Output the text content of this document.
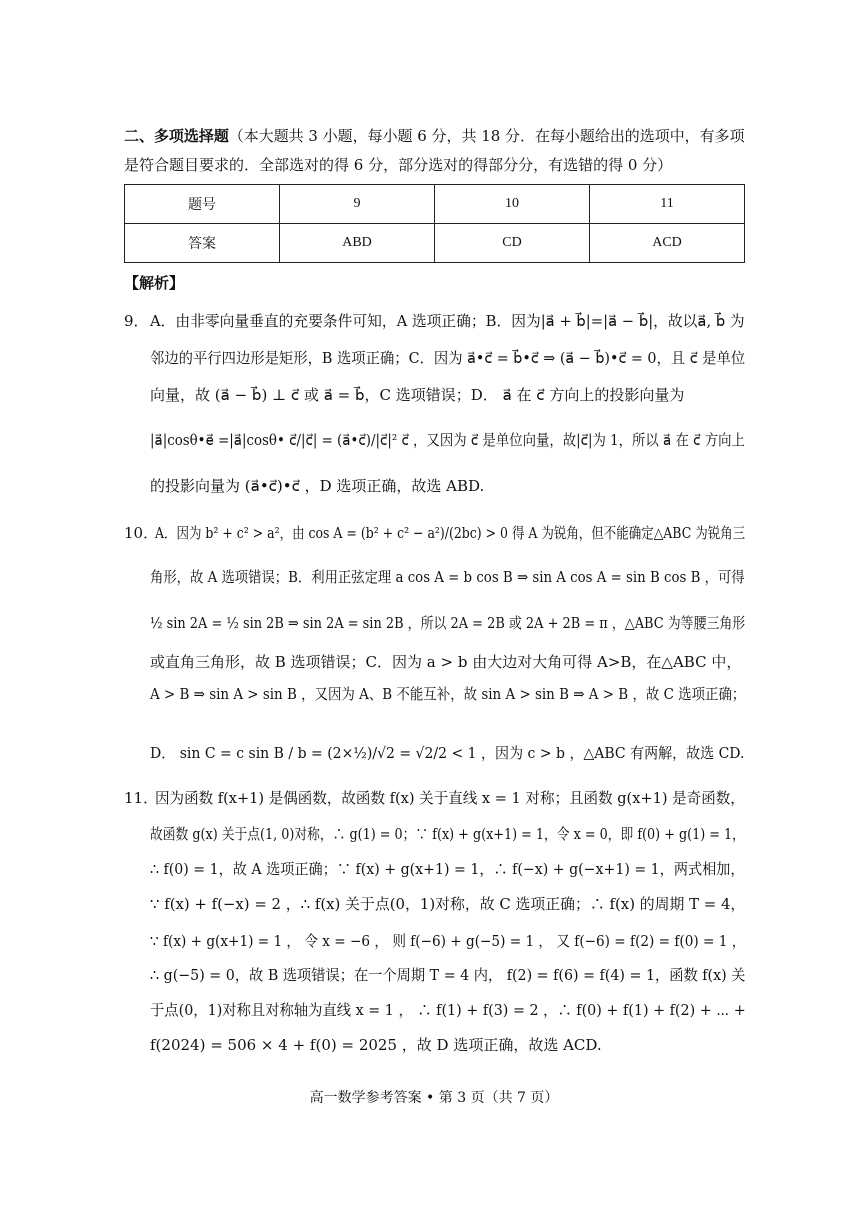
二、多项选择题（本大题共 3 小题，每小题 6 分，共 18 分．在每小题给出的选项中，有多项
是符合题目要求的．全部选对的得 6 分，部分选对的得部分分，有选错的得 0 分）
题号	9	10	11
答案	ABD	CD	ACD
【解析】
9． A．由非零向量垂直的充要条件可知，A 选项正确；B．因为|a⃗ + b⃗|=|a⃗ − b⃗|，故以a⃗, b⃗ 为
邻边的平行四边形是矩形，B 选项正确；C．因为 a⃗•c⃗ = b⃗•c⃗ ⇒ (a⃗ − b⃗)•c⃗ = 0，且 c⃗ 是单位
向量，故 (a⃗ − b⃗) ⊥ c⃗ 或 a⃗ = b⃗，C 选项错误；D． a⃗ 在 c⃗ 方向上的投影向量为
|a⃗|cosθ•e⃗ =|a⃗|cosθ• c⃗/|c⃗| = (a⃗•c⃗)/|c⃗|² c⃗ ，又因为 c⃗ 是单位向量，故|c⃗|为 1，所以 a⃗ 在 c⃗ 方向上
的投影向量为 (a⃗•c⃗)•c⃗ ，D 选项正确，故选 ABD.
10．
A．因为 b² + c² > a²，由 cos A = (b² + c² − a²)/(2bc) > 0 得 A 为锐角，但不能确定△ABC 为锐角三
角形，故 A 选项错误；B．利用正弦定理 a cos A = b cos B ⇒ sin A cos A = sin B cos B ，可得
½ sin 2A = ½ sin 2B ⇒ sin 2A = sin 2B ，所以 2A = 2B 或 2A + 2B = π ，△ABC 为等腰三角形
或直角三角形，故 B 选项错误；C．因为 a > b 由大边对大角可得 A>B，在△ABC 中，
A > B ⇒ sin A > sin B ，又因为 A、B 不能互补，故 sin A > sin B ⇒ A > B ，故 C 选项正确；
D． sin C = c sin B / b = (2×½)/√2 = √2/2 < 1 ，因为 c > b ，△ABC 有两解，故选 CD.
11．
因为函数 f(x+1) 是偶函数，故函数 f(x) 关于直线 x = 1 对称；且函数 g(x+1) 是奇函数，
故函数 g(x) 关于点(1, 0)对称，∴ g(1) = 0；∵ f(x) + g(x+1) = 1，令 x = 0，即 f(0) + g(1) = 1，
∴ f(0) = 1，故 A 选项正确；∵ f(x) + g(x+1) = 1，∴ f(−x) + g(−x+1) = 1，两式相加，
∵ f(x) + f(−x) = 2 ，∴ f(x) 关于点(0，1)对称，故 C 选项正确；∴ f(x) 的周期 T = 4，
∵ f(x) + g(x+1) = 1 ， 令 x = −6 ， 则 f(−6) + g(−5) = 1 ， 又 f(−6) = f(2) = f(0) = 1 ，
∴ g(−5) = 0，故 B 选项错误；在一个周期 T = 4 内， f(2) = f(6) = f(4) = 1，函数 f(x) 关
于点(0，1)对称且对称轴为直线 x = 1 ， ∴ f(1) + f(3) = 2 ，∴ f(0) + f(1) + f(2) + ⋯ +
f(2024) = 506 × 4 + f(0) = 2025 ，故 D 选项正确，故选 ACD.
高一数学参考答案 • 第 3 页（共 7 页）
